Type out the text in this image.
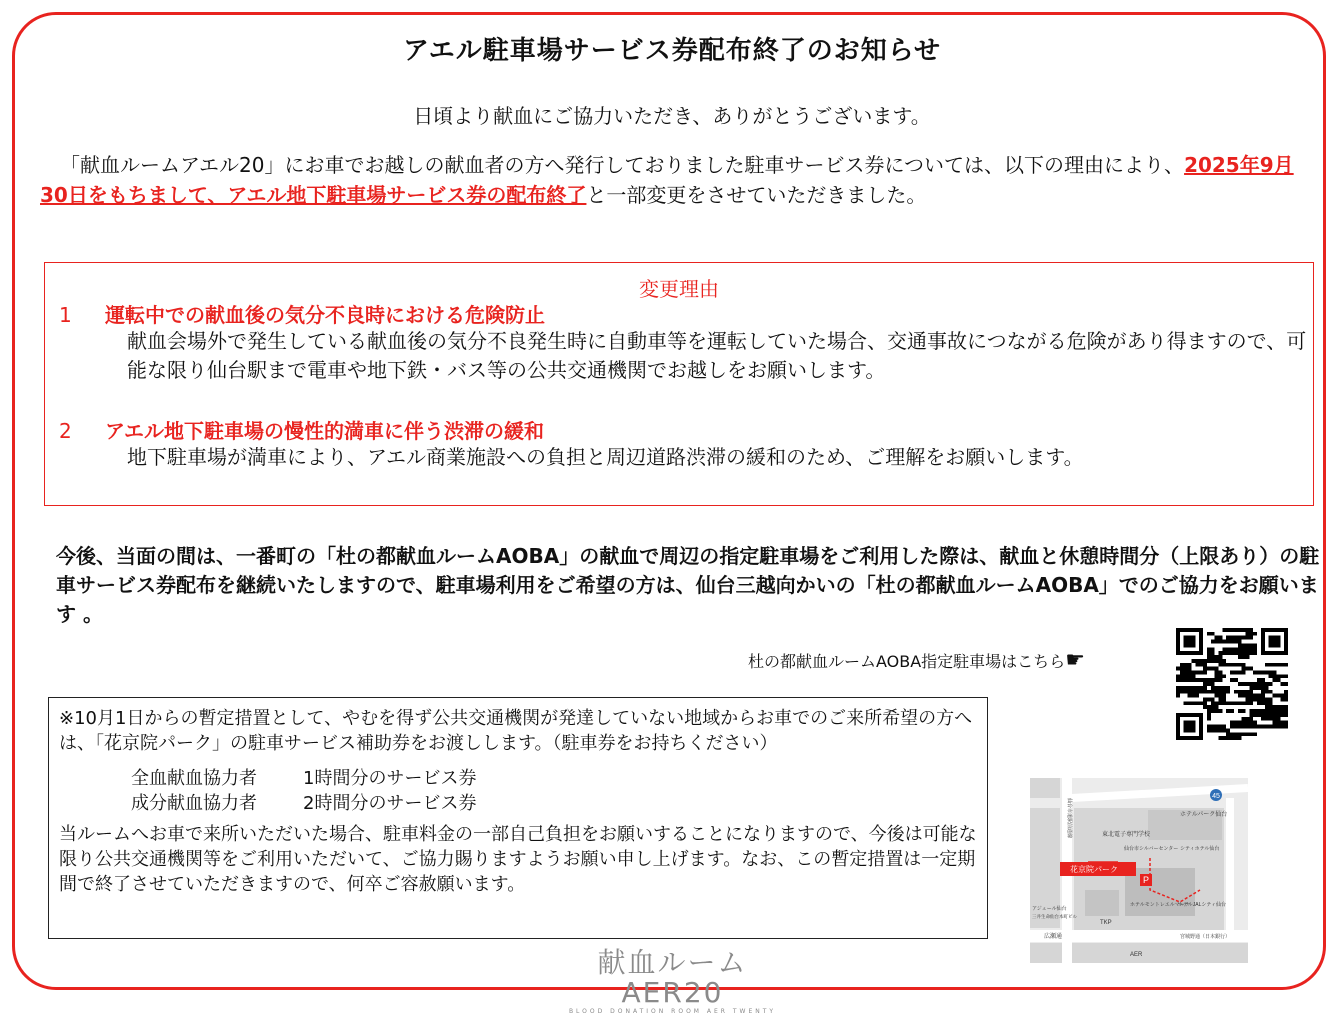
アエル駐車場サービス券配布終了のお知らせ
日頃より献血にご協力いただき、ありがとうございます。
「献血ルームアエル20」にお車でお越しの献血者の方へ発行しておりました駐車サービス券については、以下の理由により、2025年9月30日をもちまして、アエル地下駐車場サービス券の配布終了と一部変更をさせていただきました。
変更理由
1 運転中での献血後の気分不良時における危険防止
献血会場外で発生している献血後の気分不良発生時に自動車等を運転していた場合、交通事故につながる危険があり得ますので、可能な限り仙台駅まで電車や地下鉄・バス等の公共交通機関でお越しをお願いします。
2 アエル地下駐車場の慢性的満車に伴う渋滞の緩和
地下駐車場が満車により、アエル商業施設への負担と周辺道路渋滞の緩和のため、ご理解をお願いします。
今後、当面の間は、一番町の「杜の都献血ルームAOBA」の献血で周辺の指定駐車場をご利用した際は、献血と休憩時間分（上限あり）の駐車サービス券配布を継続いたしますので、駐車場利用をご希望の方は、仙台三越向かいの「杜の都献血ルームAOBA」でのご協力をお願います 。
杜の都献血ルームAOBA指定駐車場はこちら☛
※10月1日からの暫定措置として、やむを得ず公共交通機関が発達していない地域からお車でのご来所希望の方へは、「花京院パーク」の駐車サービス補助券をお渡しします。（駐車券をお持ちください）
全血献血協力者	1時間分のサービス券
成分献血協力者	2時間分のサービス券
当ルームへお車で来所いただいた場合、駐車料金の一部自己負担をお願いすることになりますので、今後は可能な限り公共交通機関等をご利用いただいて、ご協力賜りますようお願い申し上げます。なお、この暫定措置は一定期間で終了させていただきますので、何卒ご容赦願います。	P
花京院パーク
45
ホテルパーク仙台
東北電子専門学校
仙台市シルバーセンター シティホテル仙台
ホテルモントレエルマーナ
ホテルJALシティ仙台
アジュール仙台
三井生命仙台本町ビル
TKP
広瀬通	宮城野通（日本銀行）
AER
仙台市道駅前通線
献血ルームAER20
BLOOD DONATION ROOM AER TWENTY
